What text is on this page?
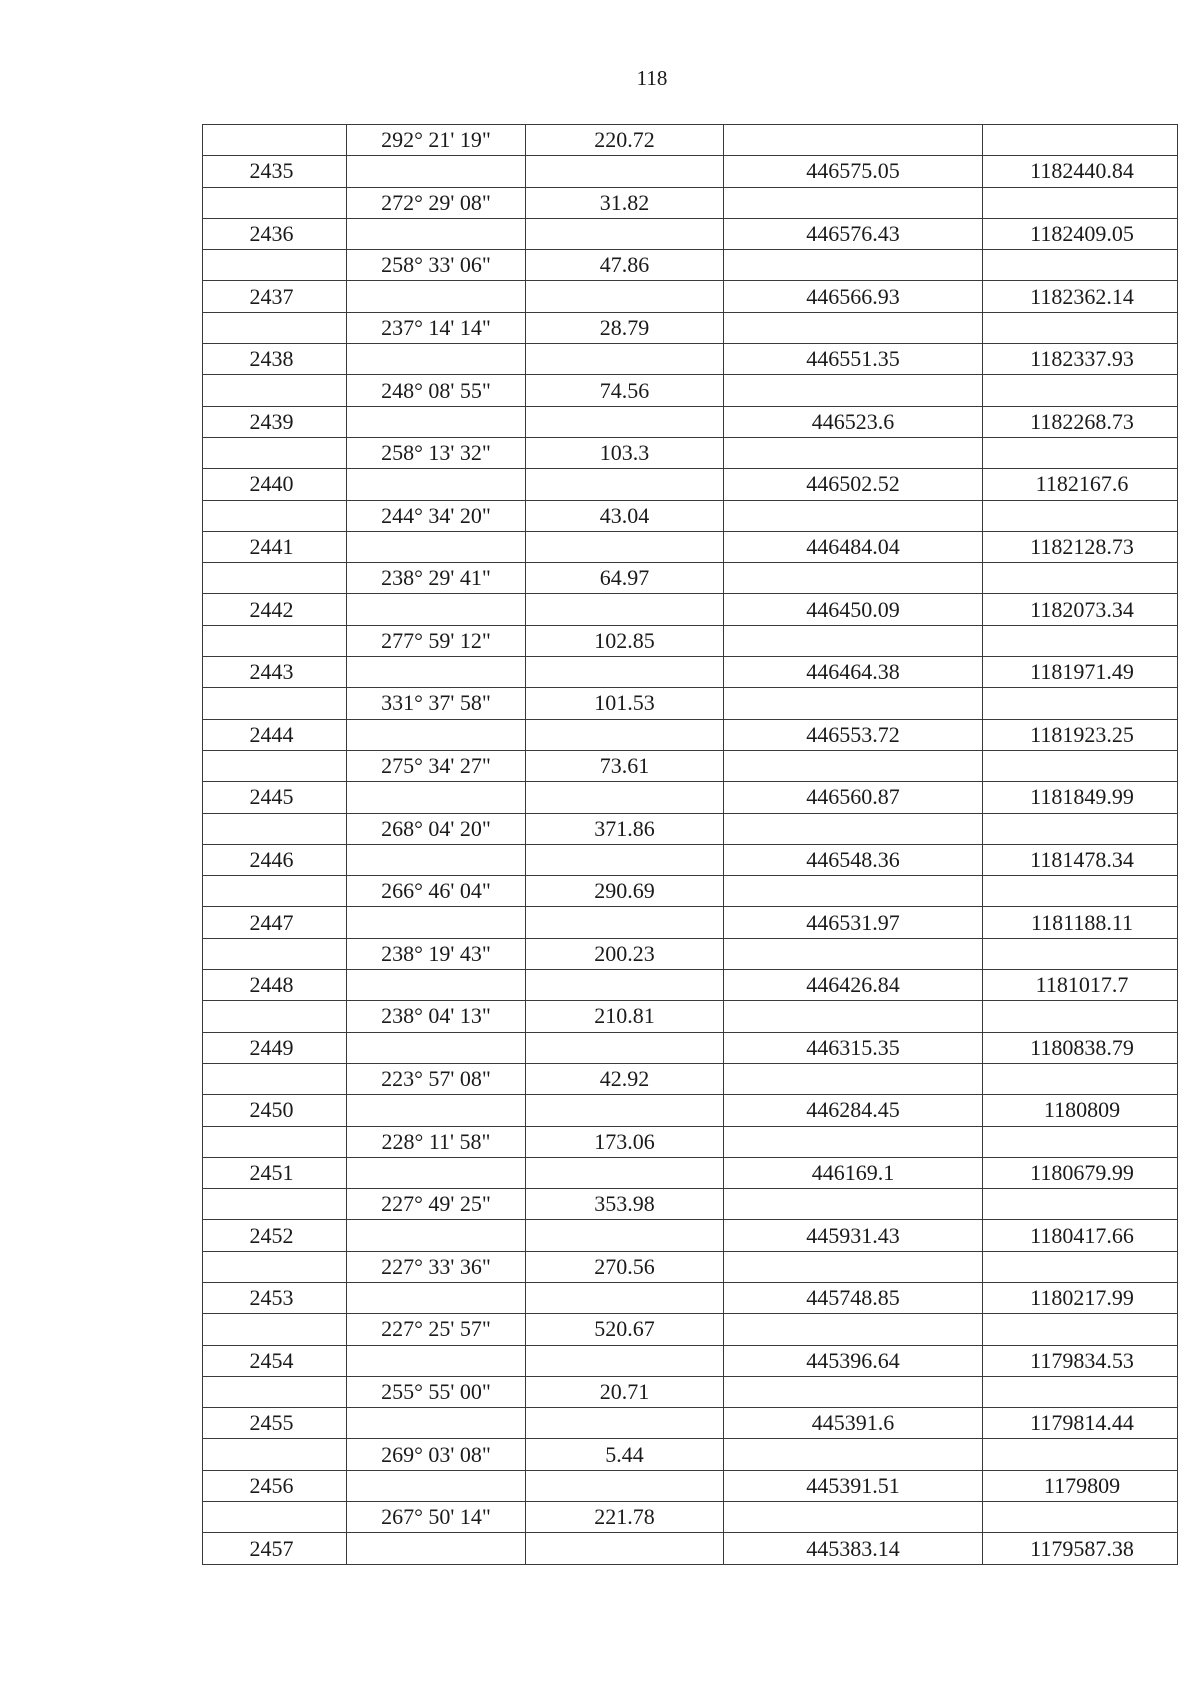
118
	292° 21' 19"	220.72		
2435			446575.05	1182440.84
	272° 29' 08"	31.82		
2436			446576.43	1182409.05
	258° 33' 06"	47.86		
2437			446566.93	1182362.14
	237° 14' 14"	28.79		
2438			446551.35	1182337.93
	248° 08' 55"	74.56		
2439			446523.6	1182268.73
	258° 13' 32"	103.3		
2440			446502.52	1182167.6
	244° 34' 20"	43.04		
2441			446484.04	1182128.73
	238° 29' 41"	64.97		
2442			446450.09	1182073.34
	277° 59' 12"	102.85		
2443			446464.38	1181971.49
	331° 37' 58"	101.53		
2444			446553.72	1181923.25
	275° 34' 27"	73.61		
2445			446560.87	1181849.99
	268° 04' 20"	371.86		
2446			446548.36	1181478.34
	266° 46' 04"	290.69		
2447			446531.97	1181188.11
	238° 19' 43"	200.23		
2448			446426.84	1181017.7
	238° 04' 13"	210.81		
2449			446315.35	1180838.79
	223° 57' 08"	42.92		
2450			446284.45	1180809
	228° 11' 58"	173.06		
2451			446169.1	1180679.99
	227° 49' 25"	353.98		
2452			445931.43	1180417.66
	227° 33' 36"	270.56		
2453			445748.85	1180217.99
	227° 25' 57"	520.67		
2454			445396.64	1179834.53
	255° 55' 00"	20.71		
2455			445391.6	1179814.44
	269° 03' 08"	5.44		
2456			445391.51	1179809
	267° 50' 14"	221.78		
2457			445383.14	1179587.38
